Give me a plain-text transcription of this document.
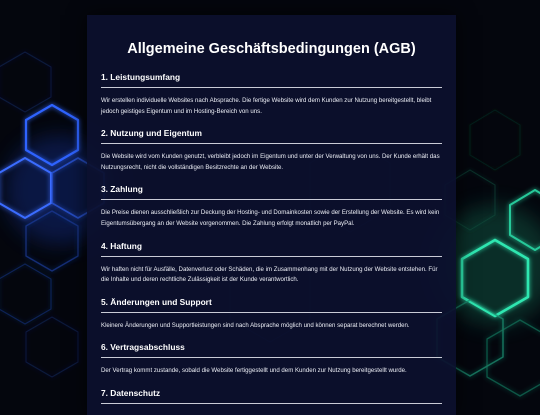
Allgemeine Geschäftsbedingungen (AGB)
1. Leistungsumfang
Wir erstellen individuelle Websites nach Absprache. Die fertige Website wird dem Kunden zur Nutzung bereitgestellt, bleibt jedoch geistiges Eigentum und im Hosting-Bereich von uns.
2. Nutzung und Eigentum
Die Website wird vom Kunden genutzt, verbleibt jedoch im Eigentum und unter der Verwaltung von uns. Der Kunde erhält das Nutzungsrecht, nicht die vollständigen Besitzrechte an der Website.
3. Zahlung
Die Preise dienen ausschließlich zur Deckung der Hosting- und Domainkosten sowie der Erstellung der Website. Es wird kein Eigentumsübergang an der Website vorgenommen. Die Zahlung erfolgt monatlich per PayPal.
4. Haftung
Wir haften nicht für Ausfälle, Datenverlust oder Schäden, die im Zusammenhang mit der Nutzung der Website entstehen. Für die Inhalte und deren rechtliche Zulässigkeit ist der Kunde verantwortlich.
5. Änderungen und Support
Kleinere Änderungen und Supportleistungen sind nach Absprache möglich und können separat berechnet werden.
6. Vertragsabschluss
Der Vertrag kommt zustande, sobald die Website fertiggestellt und dem Kunden zur Nutzung bereitgestellt wurde.
7. Datenschutz
